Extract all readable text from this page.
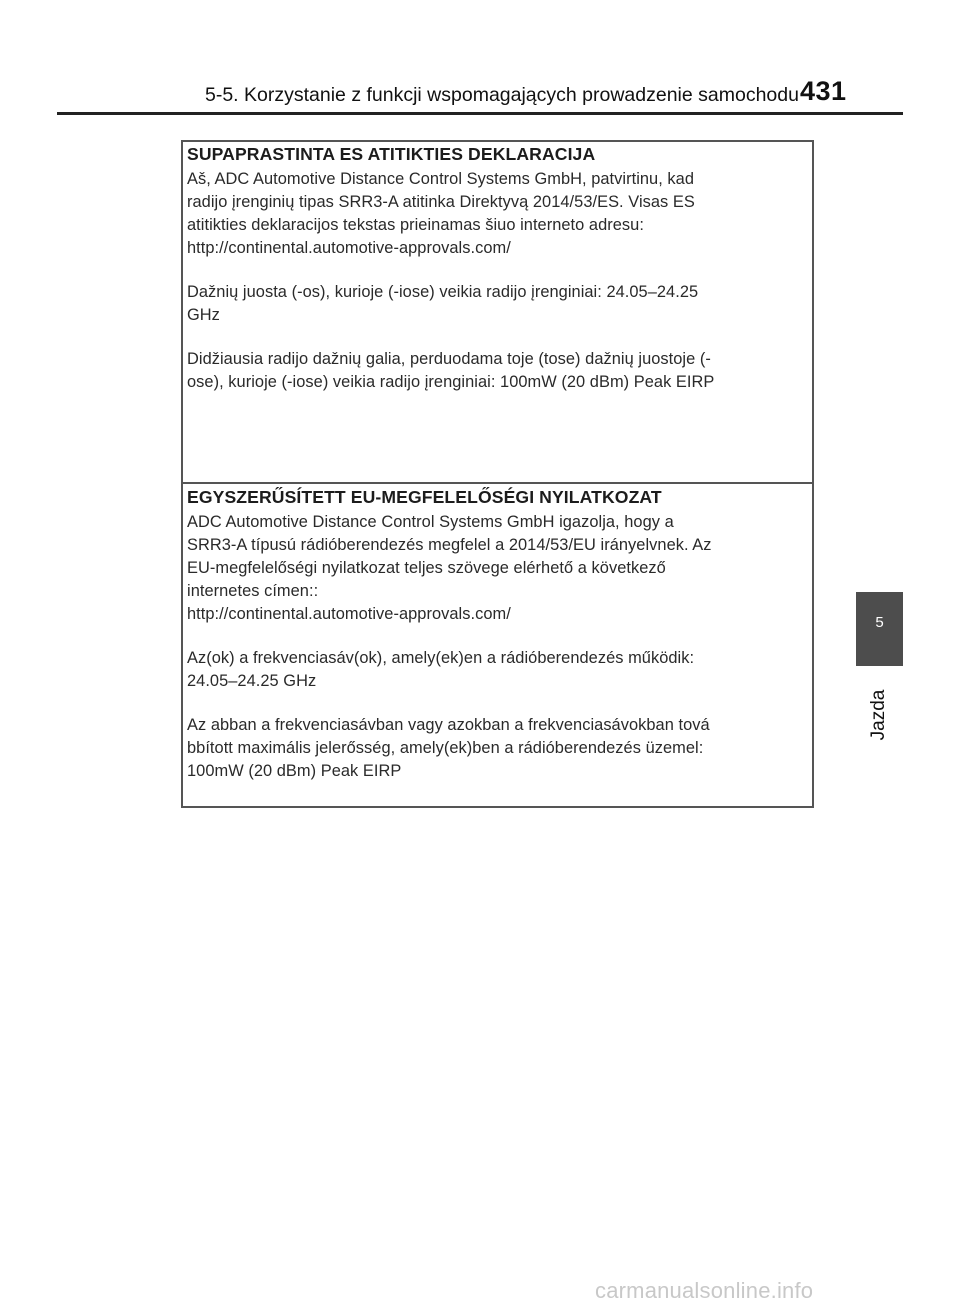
5-5. Korzystanie z funkcji wspomagających prowadzenie samochodu 431
5
Jazda

SUPAPRASTINTA ES ATITIKTIES DEKLARACIJA

Aš, ADC Automotive Distance Control Systems GmbH, patvirtinu, kad
radijo įrenginių tipas SRR3-A atitinka Direktyvą 2014/53/ES. Visas ES
atitikties deklaracijos tekstas prieinamas šiuo interneto adresu:
http://continental.automotive-approvals.com/

Dažnių juosta (-os), kurioje (-iose) veikia radijo įrenginiai: 24.05–24.25
GHz

Didžiausia radijo dažnių galia, perduodama toje (tose) dažnių juostoje (-
ose), kurioje (-iose) veikia radijo įrenginiai: 100mW (20 dBm) Peak EIRP

EGYSZERŰSÍTETT EU-MEGFELELŐSÉGI NYILATKOZAT

ADC Automotive Distance Control Systems GmbH igazolja, hogy a
SRR3-A típusú rádióberendezés megfelel a 2014/53/EU irányelvnek. Az
EU-megfelelőségi nyilatkozat teljes szövege elérhető a következő
internetes címen::
http://continental.automotive-approvals.com/

Az(ok) a frekvenciasáv(ok), amely(ek)en a rádióberendezés működik:
24.05–24.25 GHz

Az abban a frekvenciasávban vagy azokban a frekvenciasávokban tová
bbított maximális jelerősség, amely(ek)ben a rádióberendezés üzemel:
100mW (20 dBm) Peak EIRP

carmanualsonline.info
